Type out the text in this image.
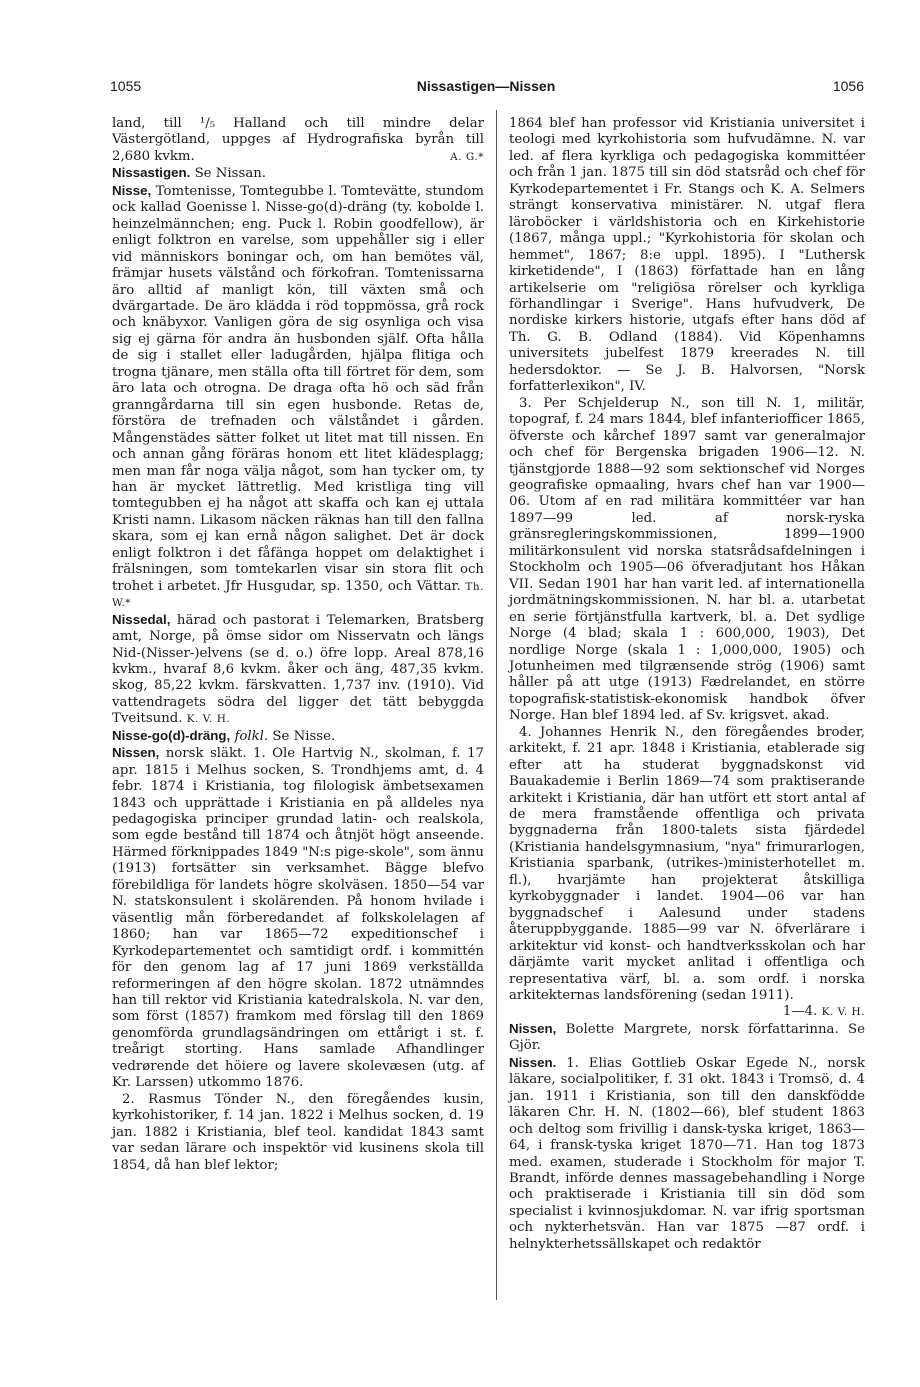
1055	Nissastigen—Nissen	1056

land, till ¹/₅ Halland och till mindre delar Västergötland, uppges af Hydrografiska byrån till 2,680 kvkm.	A. G.*

Nissastigen. Se Nissan.

Nisse, Tomtenisse, Tomtegubbe l. Tomtevätte, stundom ock kallad Goenisse l. Nisse-go(d)-dräng (ty. kobolde l. heinzelmännchen; eng. Puck l. Robin goodfellow), är enligt folktron en varelse, som uppehåller sig i eller vid människors boningar och, om han bemötes väl, främjar husets välstånd och förkofran. Tomtenissarna äro alltid af manligt kön, till växten små och dvärgartade. De äro klädda i röd toppmössa, grå rock och knäbyxor. Vanligen göra de sig osynliga och visa sig ej gärna för andra än husbonden själf. Ofta hålla de sig i stallet eller ladugården, hjälpa flitiga och trogna tjänare, men ställa ofta till förtret för dem, som äro lata och otrogna. De draga ofta hö och säd från granngårdarna till sin egen husbonde. Retas de, förstöra de trefnaden och välståndet i gården. Mångenstädes sätter folket ut litet mat till nissen. En och annan gång föräras honom ett litet klädesplagg; men man får noga välja något, som han tycker om, ty han är mycket lättretlig. Med kristliga ting vill tomtegubben ej ha något att skaffa och kan ej uttala Kristi namn. Likasom näcken räknas han till den fallna skara, som ej kan ernå någon salighet. Det är dock enligt folktron i det fåfänga hoppet om delaktighet i frälsningen, som tomtekarlen visar sin stora flit och trohet i arbetet. Jfr Husgudar, sp. 1350, och Vättar. Th. W.*

Nissedal, härad och pastorat i Telemarken, Bratsberg amt, Norge, på ömse sidor om Nisservatn och längs Nid-(Nisser-)elvens (se d. o.) öfre lopp. Areal 878,16 kvkm., hvaraf 8,6 kvkm. åker och äng, 487,35 kvkm. skog, 85,22 kvkm. färskvatten. 1,737 inv. (1910). Vid vattendragets södra del ligger det tätt bebyggda Tveitsund. K. V. H.

Nisse-go(d)-dräng, folkl. Se Nisse.

Nissen, norsk släkt. 1. Ole Hartvig N., skolman, f. 17 apr. 1815 i Melhus socken, S. Trondhjems amt, d. 4 febr. 1874 i Kristiania, tog filologisk ämbetsexamen 1843 och upprättade i Kristiania en på alldeles nya pedagogiska principer grundad latin- och realskola, som egde bestånd till 1874 och åtnjöt högt anseende. Härmed förknippades 1849 "N:s pige-skole", som ännu (1913) fortsätter sin verksamhet. Bägge blefvo förebildliga för landets högre skolväsen. 1850—54 var N. statskonsulent i skolärenden. På honom hvilade i väsentlig mån förberedandet af folkskolelagen af 1860; han var 1865—72 expeditionschef i Kyrkodepartementet och samtidigt ordf. i kommittén för den genom lag af 17 juni 1869 verkställda reformeringen af den högre skolan. 1872 utnämndes han till rektor vid Kristiania katedralskola. N. var den, som först (1857) framkom med förslag till den 1869 genomförda grundlagsändringen om ettårigt i st. f. treårigt storting. Hans samlade Afhandlinger vedrørende det höiere og lavere skolevæsen (utg. af Kr. Larssen) utkommo 1876.

2. Rasmus Tönder N., den föregåendes kusin, kyrkohistoriker, f. 14 jan. 1822 i Melhus socken, d. 19 jan. 1882 i Kristiania, blef teol. kandidat 1843 samt var sedan lärare och inspektör vid kusinens skola till 1854, då han blef lektor;

1864 blef han professor vid Kristiania universitet i teologi med kyrkohistoria som hufvudämne. N. var led. af flera kyrkliga och pedagogiska kommittéer och från 1 jan. 1875 till sin död statsråd och chef för Kyrkodepartementet i Fr. Stangs och K. A. Selmers strängt konservativa ministärer. N. utgaf flera läroböcker i världshistoria och en Kirkehistorie (1867, många uppl.; "Kyrkohistoria för skolan och hemmet", 1867; 8:e uppl. 1895). I "Luthersk kirketidende", I (1863) författade han en lång artikelserie om "religiösa rörelser och kyrkliga förhandlingar i Sverige". Hans hufvudverk, De nordiske kirkers historie, utgafs efter hans död af Th. G. B. Odland (1884). Vid Köpenhamns universitets jubelfest 1879 kreerades N. till hedersdoktor. — Se J. B. Halvorsen, "Norsk forfatterlexikon", IV.

3. Per Schjelderup N., son till N. 1, militär, topograf, f. 24 mars 1844, blef infanteriofficer 1865, öfverste och kårchef 1897 samt var generalmajor och chef för Bergenska brigaden 1906—12. N. tjänstgjorde 1888—92 som sektionschef vid Norges geografiske opmaaling, hvars chef han var 1900—06. Utom af en rad militära kommittéer var han 1897—99 led. af norsk-ryska gränsregleringskommissionen, 1899—1900 militärkonsulent vid norska statsrådsafdelningen i Stockholm och 1905—06 öfveradjutant hos Håkan VII. Sedan 1901 har han varit led. af internationella jordmätningskommissionen. N. har bl. a. utarbetat en serie förtjänstfulla kartverk, bl. a. Det sydlige Norge (4 blad; skala 1 : 600,000, 1903), Det nordlige Norge (skala 1 : 1,000,000, 1905) och Jotunheimen med tilgrænsende strög (1906) samt håller på att utge (1913) Fædrelandet, en större topografisk-statistisk-ekonomisk handbok öfver Norge. Han blef 1894 led. af Sv. krigsvet. akad.

4. Johannes Henrik N., den föregåendes broder, arkitekt, f. 21 apr. 1848 i Kristiania, etablerade sig efter att ha studerat byggnadskonst vid Bauakademie i Berlin 1869—74 som praktiserande arkitekt i Kristiania, där han utfört ett stort antal af de mera framstående offentliga och privata byggnaderna från 1800-talets sista fjärdedel (Kristiania handelsgymnasium, "nya" frimurarlogen, Kristiania sparbank, (utrikes-)ministerhotellet m. fl.), hvarjämte han projekterat åtskilliga kyrkobyggnader i landet. 1904—06 var han byggnadschef i Aalesund under stadens återuppbyggande. 1885—99 var N. öfverlärare i arkitektur vid konst- och handtverksskolan och har därjämte varit mycket anlitad i offentliga och representativa värf, bl. a. som ordf. i norska arkitekternas landsförening (sedan 1911).
1—4. K. V. H.

Nissen, Bolette Margrete, norsk författarinna. Se Gjör.

Nissen. 1. Elias Gottlieb Oskar Egede N., norsk läkare, socialpolitiker, f. 31 okt. 1843 i Tromsö, d. 4 jan. 1911 i Kristiania, son till den danskfödde läkaren Chr. H. N. (1802—66), blef student 1863 och deltog som frivillig i dansk-tyska kriget, 1863—64, i fransk-tyska kriget 1870—71. Han tog 1873 med. examen, studerade i Stockholm för major T. Brandt, införde dennes massagebehandling i Norge och praktiserade i Kristiania till sin död som specialist i kvinnosjukdomar. N. var ifrig sportsman och nykterhetsvän. Han var 1875 —87 ordf. i helnykterhetssällskapet och redaktör
